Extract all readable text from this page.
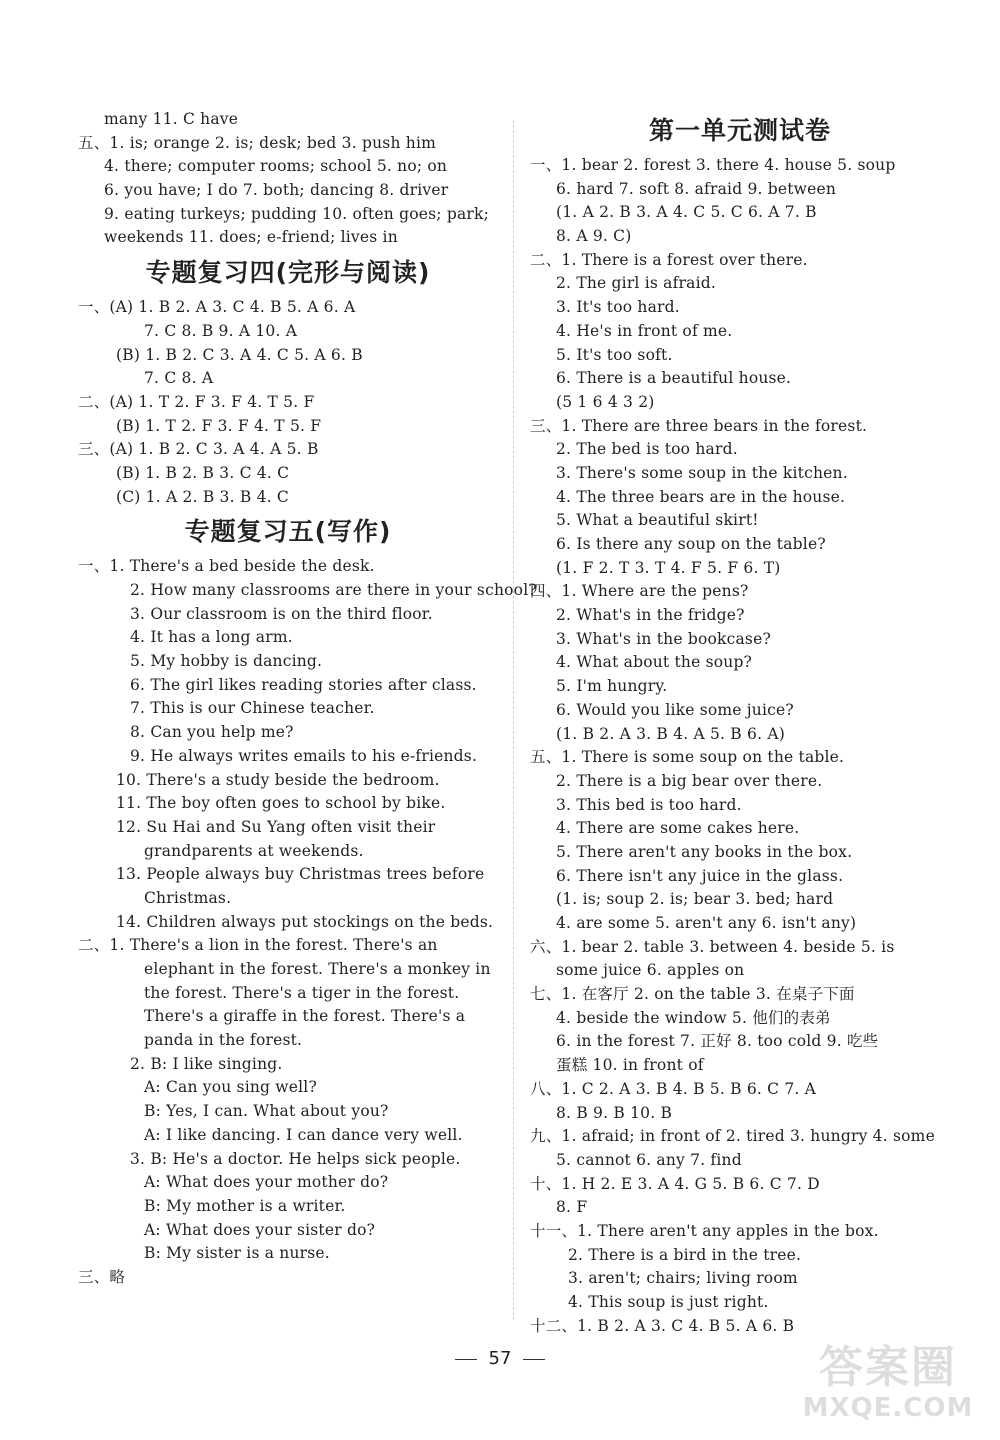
many 11. C have
五、1. is; orange 2. is; desk; bed 3. push him
4. there; computer rooms; school 5. no; on
6. you have; I do 7. both; dancing 8. driver
9. eating turkeys; pudding 10. often goes; park;
weekends 11. does; e-friend; lives in
专题复习四(完形与阅读)
一、(A) 1. B 2. A 3. C 4. B 5. A 6. A
7. C 8. B 9. A 10. A
(B) 1. B 2. C 3. A 4. C 5. A 6. B
7. C 8. A
二、(A) 1. T 2. F 3. F 4. T 5. F
(B) 1. T 2. F 3. F 4. T 5. F
三、(A) 1. B 2. C 3. A 4. A 5. B
(B) 1. B 2. B 3. C 4. C
(C) 1. A 2. B 3. B 4. C
专题复习五(写作)
一、1. There's a bed beside the desk.
2. How many classrooms are there in your school?
3. Our classroom is on the third floor.
4. It has a long arm.
5. My hobby is dancing.
6. The girl likes reading stories after class.
7. This is our Chinese teacher.
8. Can you help me?
9. He always writes emails to his e-friends.
10. There's a study beside the bedroom.
11. The boy often goes to school by bike.
12. Su Hai and Su Yang often visit their
grandparents at weekends.
13. People always buy Christmas trees before
Christmas.
14. Children always put stockings on the beds.
二、1. There's a lion in the forest. There's an
elephant in the forest. There's a monkey in
the forest. There's a tiger in the forest.
There's a giraffe in the forest. There's a
panda in the forest.
2. B: I like singing.
A: Can you sing well?
B: Yes, I can. What about you?
A: I like dancing. I can dance very well.
3. B: He's a doctor. He helps sick people.
A: What does your mother do?
B: My mother is a writer.
A: What does your sister do?
B: My sister is a nurse.
三、略
第一单元测试卷
一、1. bear 2. forest 3. there 4. house 5. soup
6. hard 7. soft 8. afraid 9. between
(1. A 2. B 3. A 4. C 5. C 6. A 7. B
8. A 9. C)
二、1. There is a forest over there.
2. The girl is afraid.
3. It's too hard.
4. He's in front of me.
5. It's too soft.
6. There is a beautiful house.
(5 1 6 4 3 2)
三、1. There are three bears in the forest.
2. The bed is too hard.
3. There's some soup in the kitchen.
4. The three bears are in the house.
5. What a beautiful skirt!
6. Is there any soup on the table?
(1. F 2. T 3. T 4. F 5. F 6. T)
四、1. Where are the pens?
2. What's in the fridge?
3. What's in the bookcase?
4. What about the soup?
5. I'm hungry.
6. Would you like some juice?
(1. B 2. A 3. B 4. A 5. B 6. A)
五、1. There is some soup on the table.
2. There is a big bear over there.
3. This bed is too hard.
4. There are some cakes here.
5. There aren't any books in the box.
6. There isn't any juice in the glass.
(1. is; soup 2. is; bear 3. bed; hard
4. are some 5. aren't any 6. isn't any)
六、1. bear 2. table 3. between 4. beside 5. is
some juice 6. apples on
七、1. 在客厅 2. on the table 3. 在桌子下面
4. beside the window 5. 他们的表弟
6. in the forest 7. 正好 8. too cold 9. 吃些
蛋糕 10. in front of
八、1. C 2. A 3. B 4. B 5. B 6. C 7. A
8. B 9. B 10. B
九、1. afraid; in front of 2. tired 3. hungry 4. some
5. cannot 6. any 7. find
十、1. H 2. E 3. A 4. G 5. B 6. C 7. D
8. F
十一、1. There aren't any apples in the box.
2. There is a bird in the tree.
3. aren't; chairs; living room
4. This soup is just right.
十二、1. B 2. A 3. C 4. B 5. A 6. B
57	答案圈
MXQE.COM
